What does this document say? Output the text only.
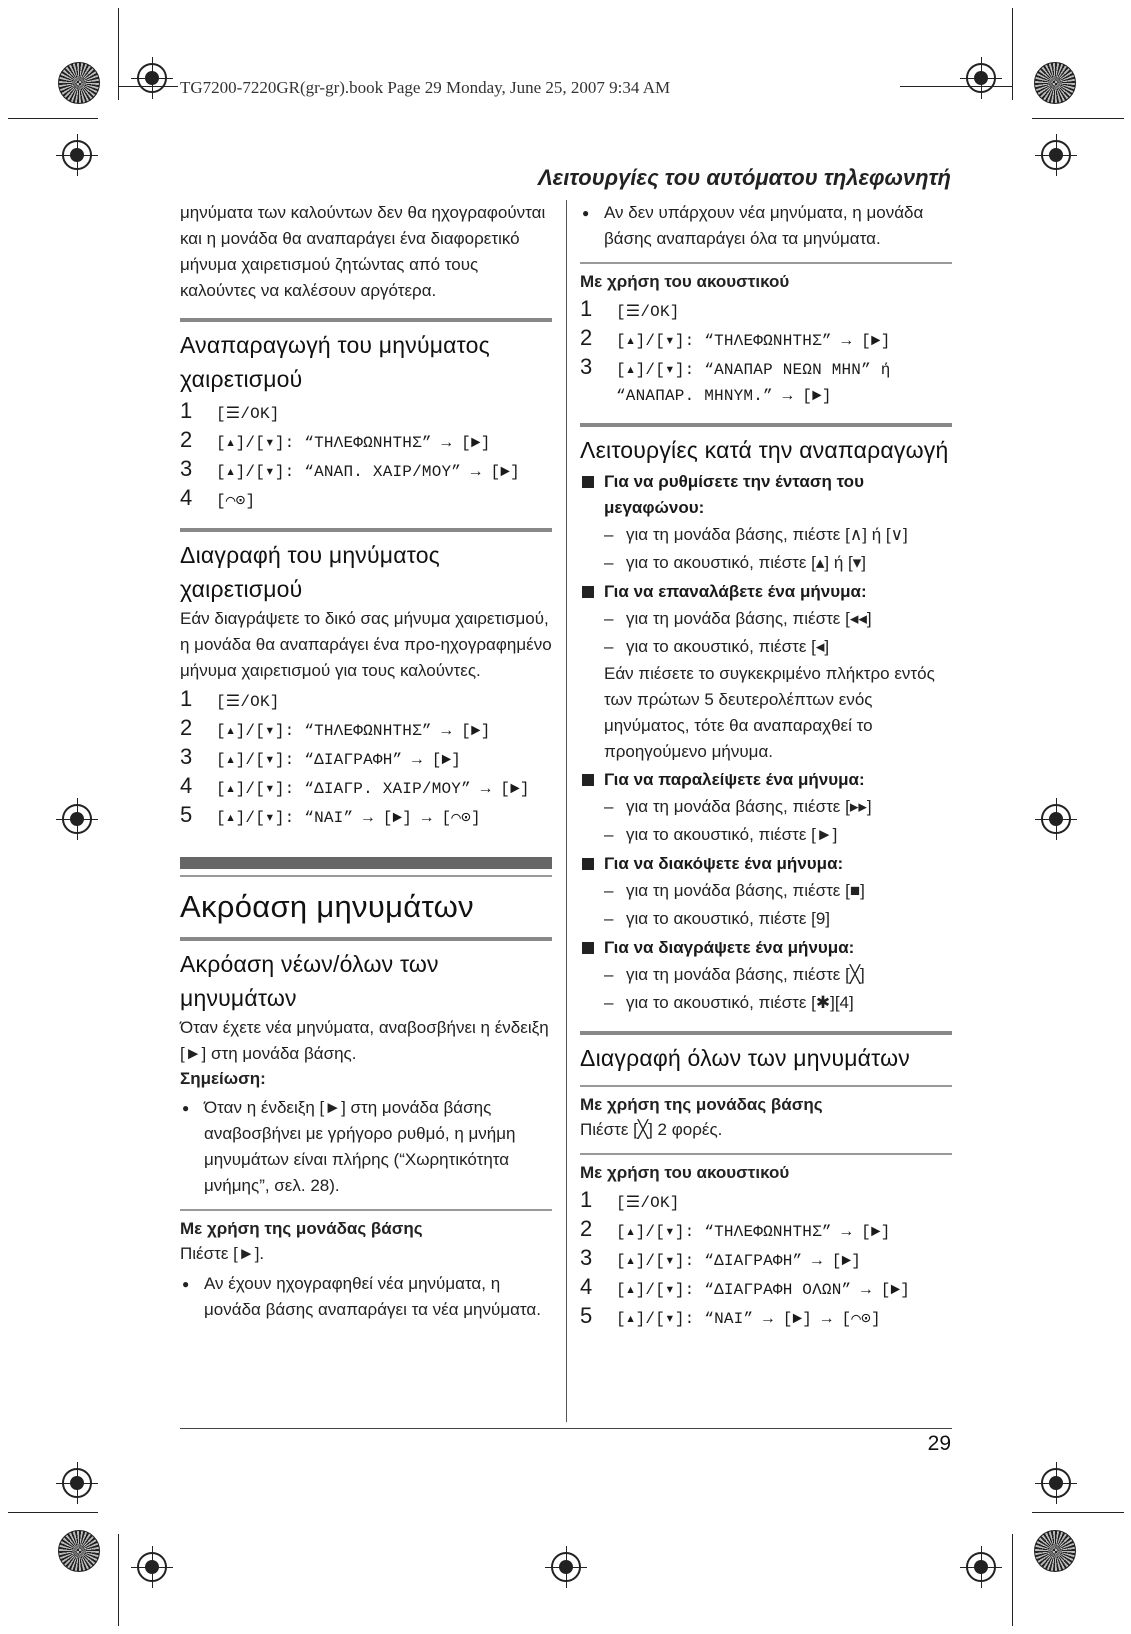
TG7200-7220GR(gr-gr).book Page 29 Monday, June 25, 2007 9:34 AM
Λειτουργίες του αυτόματου τηλεφωνητή

μηνύματα των καλούντων δεν θα ηχογραφούνται και η μονάδα θα αναπαράγει ένα διαφορετικό μήνυμα χαιρετισμού ζητώντας από τους καλούντες να καλέσουν αργότερα.

Αναπαραγωγή του μηνύματος χαιρετισμού
1	[☰/OK]
2	[▴]/[▾]: “ΤΗΛΕΦΩΝΗΤΗΣ” → [►]
3	[▴]/[▾]: “ΑΝΑΠ. ΧΑΙΡ/ΜΟΥ” → [►]
4	[⌒⊙]
Διαγραφή του μηνύματος χαιρετισμού

Εάν διαγράψετε το δικό σας μήνυμα χαιρετισμού, η μονάδα θα αναπαράγει ένα προ-ηχογραφημένο μήνυμα χαιρετισμού για τους καλούντες.

1	[☰/OK]
2	[▴]/[▾]: “ΤΗΛΕΦΩΝΗΤΗΣ” → [►]
3	[▴]/[▾]: “ΔΙΑΓΡΑΦΗ” → [►]
4	[▴]/[▾]: “ΔΙΑΓΡ. ΧΑΙΡ/ΜΟΥ” → [►]
5	[▴]/[▾]: “ΝΑΙ” → [►] → [⌒⊙]
Ακρόαση μηνυμάτων
Ακρόαση νέων/όλων των μηνυμάτων

Όταν έχετε νέα μηνύματα, αναβοσβήνει η ένδειξη [►] στη μονάδα βάσης.

Σημείωση:

● Όταν η ένδειξη [►] στη μονάδα βάσης αναβοσβήνει με γρήγορο ρυθμό, η μνήμη μηνυμάτων είναι πλήρης (“Χωρητικότητα μνήμης”, σελ. 28).

Με χρήση της μονάδας βάσης

Πιέστε [►].

● Αν έχουν ηχογραφηθεί νέα μηνύματα, η μονάδα βάσης αναπαράγει τα νέα μηνύματα.
● Αν δεν υπάρχουν νέα μηνύματα, η μονάδα βάσης αναπαράγει όλα τα μηνύματα.

Με χρήση του ακουστικού

1	[☰/OK]
2	[▴]/[▾]: “ΤΗΛΕΦΩΝΗΤΗΣ” → [►]
3	[▴]/[▾]: “ΑΝΑΠΑΡ ΝΕΩΝ ΜΗΝ” ή
“ΑΝΑΠΑΡ. ΜΗΝΥΜ.” → [►]
Λειτουργίες κατά την αναπαραγωγή
Για να ρυθμίσετε την ένταση του μεγαφώνου:
– για τη μονάδα βάσης, πιέστε [∧] ή [∨]
– για το ακουστικό, πιέστε [▴] ή [▾]
Για να επαναλάβετε ένα μήνυμα:
– για τη μονάδα βάσης, πιέστε [◂◂]
– για το ακουστικό, πιέστε [◂]

Εάν πιέσετε το συγκεκριμένο πλήκτρο εντός των πρώτων 5 δευτερολέπτων ενός μηνύματος, τότε θα αναπαραχθεί το προηγούμενο μήνυμα.

Για να παραλείψετε ένα μήνυμα:
– για τη μονάδα βάσης, πιέστε [▸▸]
– για το ακουστικό, πιέστε [►]
Για να διακόψετε ένα μήνυμα:
– για τη μονάδα βάσης, πιέστε [■]
– για το ακουστικό, πιέστε [9]
Για να διαγράψετε ένα μήνυμα:
– για τη μονάδα βάσης, πιέστε [╳]
– για το ακουστικό, πιέστε [✱][4]
Διαγραφή όλων των μηνυμάτων

Με χρήση της μονάδας βάσης

Πιέστε [╳] 2 φορές.

Με χρήση του ακουστικού

1	[☰/OK]
2	[▴]/[▾]: “ΤΗΛΕΦΩΝΗΤΗΣ” → [►]
3	[▴]/[▾]: “ΔΙΑΓΡΑΦΗ” → [►]
4	[▴]/[▾]: “ΔΙΑΓΡΑΦΗ ΟΛΩΝ” → [►]
5	[▴]/[▾]: “ΝΑΙ” → [►] → [⌒⊙]
29
